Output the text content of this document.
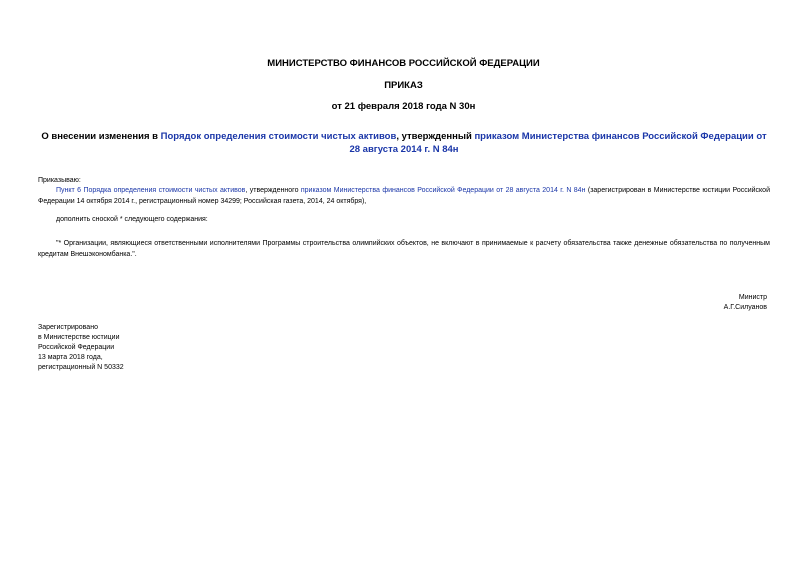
МИНИСТЕРСТВО ФИНАНСОВ РОССИЙСКОЙ ФЕДЕРАЦИИ
ПРИКАЗ
от 21 февраля 2018 года N 30н
О внесении изменения в Порядок определения стоимости чистых активов, утвержденный приказом Министерства финансов Российской Федерации от 28 августа 2014 г. N 84н
Приказываю:
Пункт 6 Порядка определения стоимости чистых активов, утвержденного приказом Министерства финансов Российской Федерации от 28 августа 2014 г. N 84н (зарегистрирован в Министерстве юстиции Российской Федерации 14 октября 2014 г., регистрационный номер 34299; Российская газета, 2014, 24 октября),
дополнить сноской * следующего содержания:
"* Организации, являющиеся ответственными исполнителями Программы строительства олимпийских объектов, не включают в принимаемые к расчету обязательства также денежные обязательства по полученным кредитам Внешэкономбанка.".
Министр
А.Г.Силуанов
Зарегистрировано
в Министерстве юстиции
Российской Федерации
13 марта 2018 года,
регистрационный N 50332
